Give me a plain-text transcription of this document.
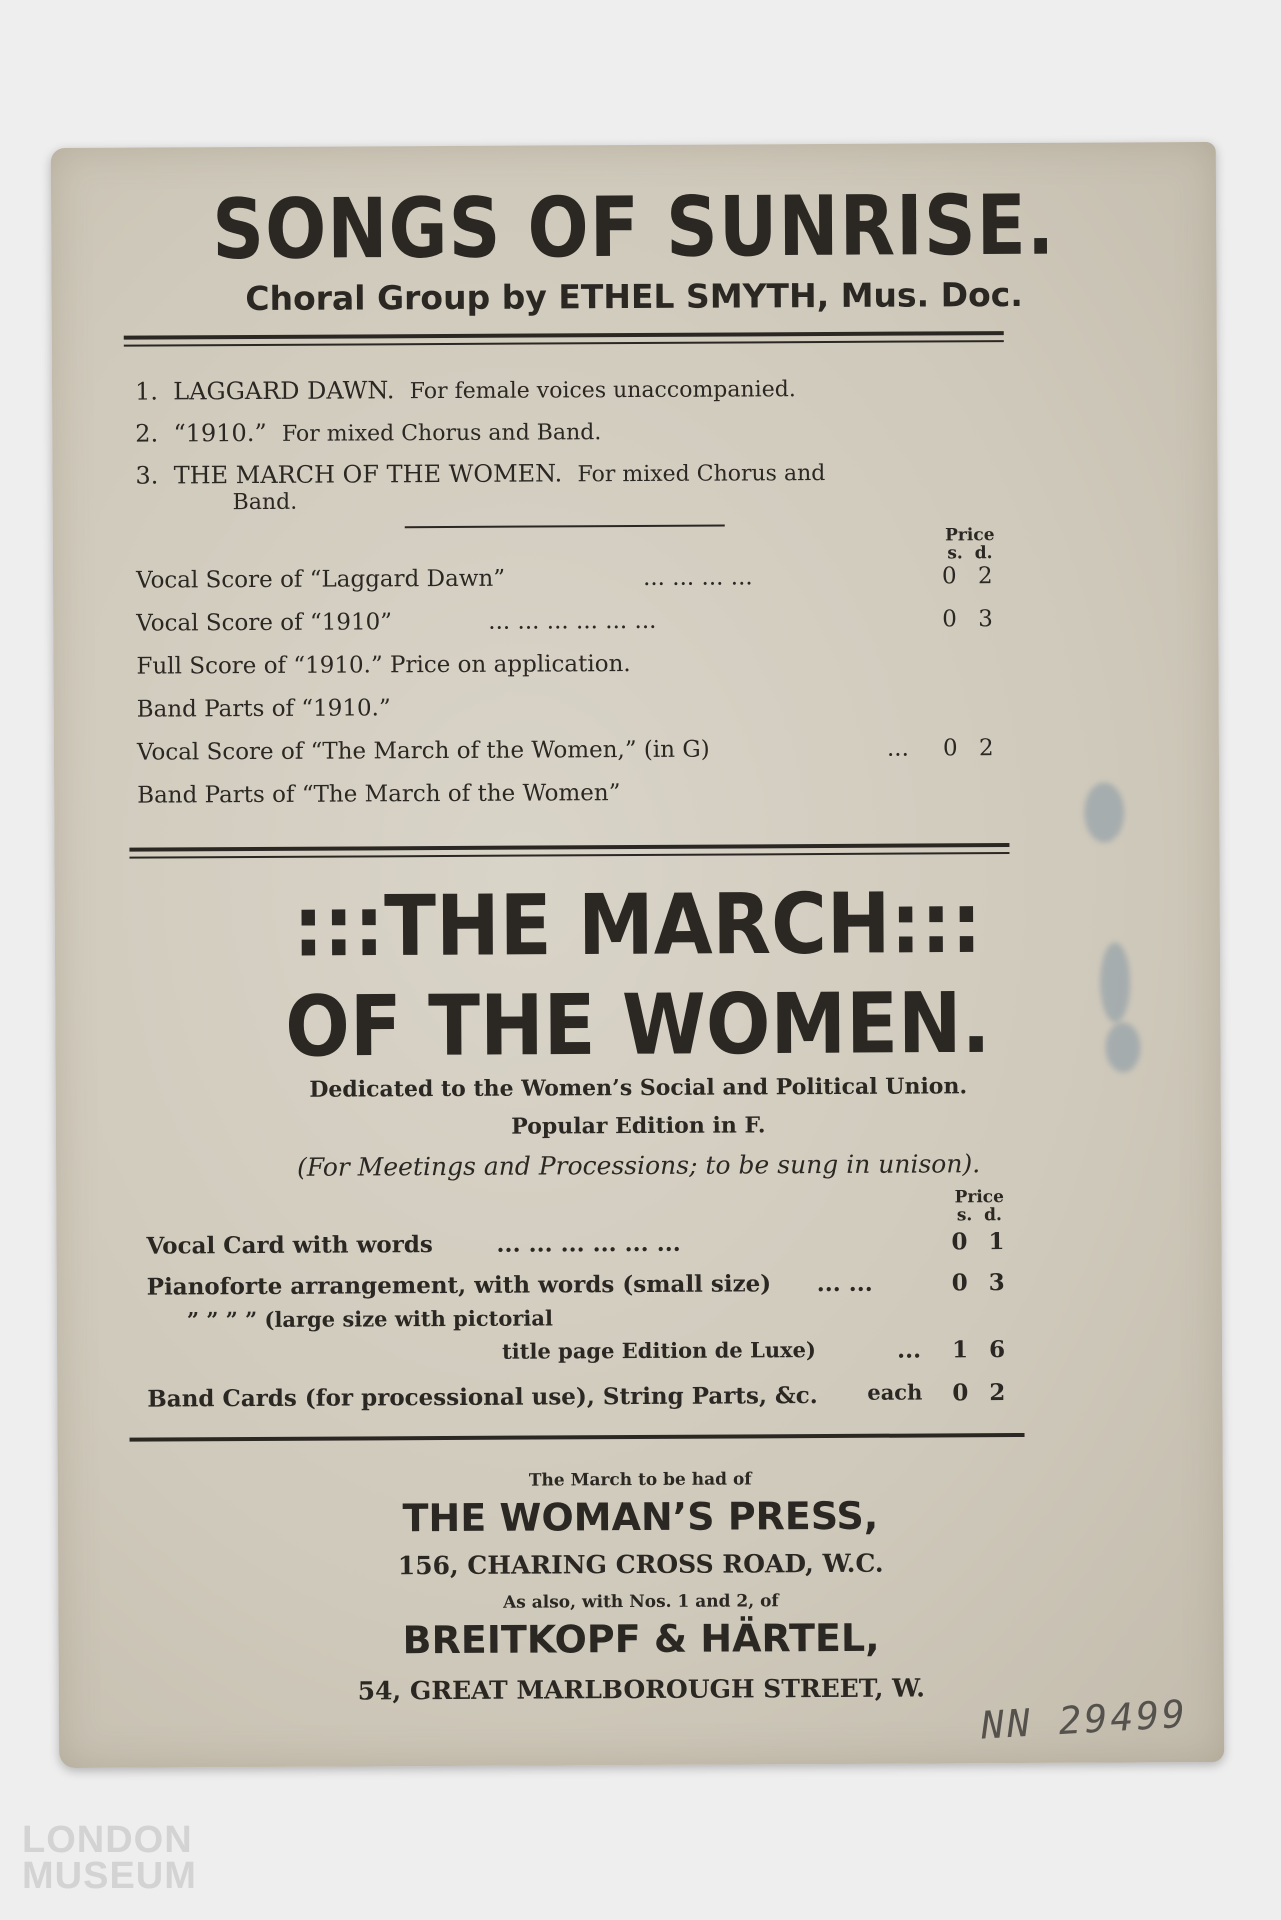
SONGS OF SUNRISE.
Choral Group by ETHEL SMYTH, Mus. Doc.
1. LAGGARD DAWN. For female voices unaccompanied.
2. “1910.” For mixed Chorus and Band.
3. THE MARCH OF THE WOMEN. For mixed Chorus and
Band.
Price
s. d.
Vocal Score of “Laggard Dawn”	... ... ... ...	0 2
Vocal Score of “1910”	... ... ... ... ... ...	0 3
Full Score of “1910.” Price on application.
Band Parts of “1910.”
Vocal Score of “The March of the Women,” (in G)	... 0 2
Band Parts of “The March of the Women”
:::THE MARCH:::
OF THE WOMEN.
Dedicated to the Women’s Social and Political Union.
Popular Edition in F.
(For Meetings and Processions; to be sung in unison).
Price
s. d.
Vocal Card with words	... ... ... ... ... ...	0 1
Pianoforte arrangement, with words (small size) ... ...	0 3
” ” ” ” (large size with pictorial
title page Edition de Luxe)	... 1 6
Band Cards (for processional use), String Parts, &c. each 0 2
The March to be had of
THE WOMAN’S PRESS,
156, CHARING CROSS ROAD, W.C.
As also, with Nos. 1 and 2, of
BREITKOPF & HÄRTEL,
54, GREAT MARLBOROUGH STREET, W.
NN 29499
LONDON
MUSEUM
